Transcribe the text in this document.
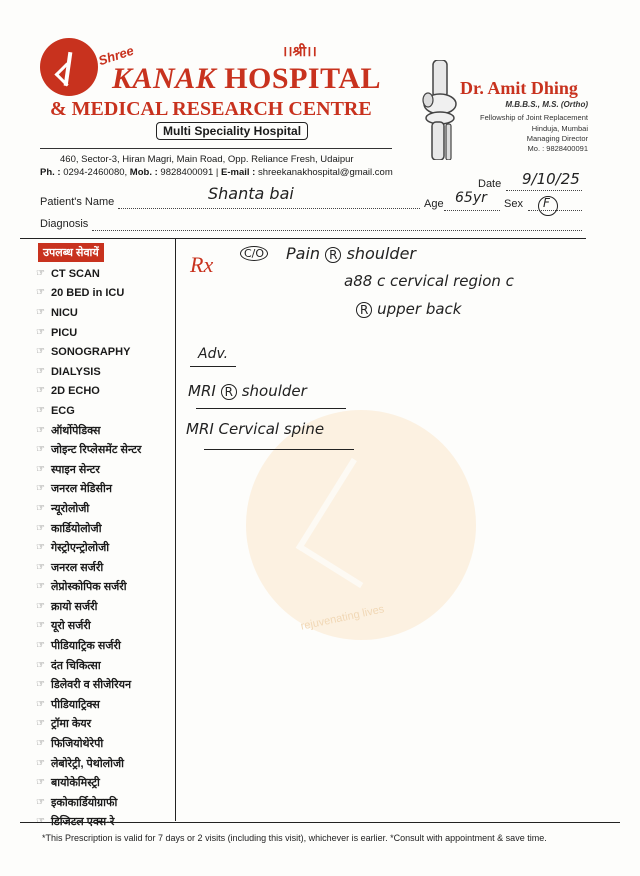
rejuvenating lives
।।श्री।।
Shree
KANAK HOSPITAL
& MEDICAL RESEARCH CENTRE
Multi Speciality Hospital
Dr. Amit Dhing
M.B.B.S., M.S. (Ortho)
Fellowship of Joint Replacement
Hinduja, Mumbai
Managing Director
Mo. : 9828400091
460, Sector-3, Hiran Magri, Main Road, Opp. Reliance Fresh, Udaipur
Ph. : 0294-2460080, Mob. : 9828400091 | E-mail : shreekanakhospital@gmail.com
Date 9/10/25
Patient's Name	Shanta bai
Age 65yr Sex F
Diagnosis
उपलब्ध सेवायें
☞ CT SCAN
☞ 20 BED in ICU
☞ NICU
☞ PICU
☞ SONOGRAPHY
☞ DIALYSIS
☞ 2D ECHO
☞ ECG
☞ ऑर्थोपेडिक्स
☞ जोइन्ट रिप्लेसमेंट सेन्टर
☞ स्पाइन सेन्टर
☞ जनरल मेडिसीन
☞ न्यूरोलोजी
☞ कार्डियोलोजी
☞ गेस्ट्रोएन्ट्रोलोजी
☞ जनरल सर्जरी
☞ लेप्रोस्कोपिक सर्जरी
☞ क्रायो सर्जरी
☞ यूरो सर्जरी
☞ पीडियाट्रिक सर्जरी
☞ दंत चिकित्सा
☞ डिलेवरी व सीजेरियन
☞ पीडियाट्रिक्स
☞ ट्रॉमा केयर
☞ फिजियोथेरेपी
☞ लेबोरेट्री, पेथोलोजी
☞ बायोकेमिस्ट्री
☞ इकोकार्डियोग्राफी
☞ डिजिटल एक्स-रे
Rx	C/O Pain R shoulder
a88 c cervical region c
R upper back
Adv.
MRI R shoulder
MRI Cervical spine
*This Prescription is valid for 7 days or 2 visits (including this visit), whichever is earlier. *Consult with appointment & save time.
